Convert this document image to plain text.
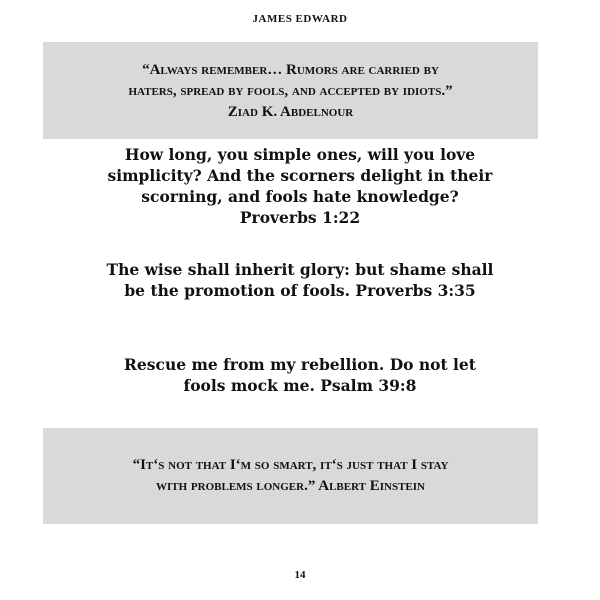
JAMES EDWARD
“Always remember… Rumors are carried by
haters, spread by fools, and accepted by idiots.”
Ziad K. Abdelnour
How long, you simple ones, will you love
simplicity? And the scorners delight in their
scorning, and fools hate knowledge?
Proverbs 1:22
The wise shall inherit glory: but shame shall
be the promotion of fools. Proverbs 3:35
Rescue me from my rebellion. Do not let
fools mock me. Psalm 39:8
“It‘s not that I‘m so smart, it‘s just that I stay
with problems longer.” Albert Einstein
14
